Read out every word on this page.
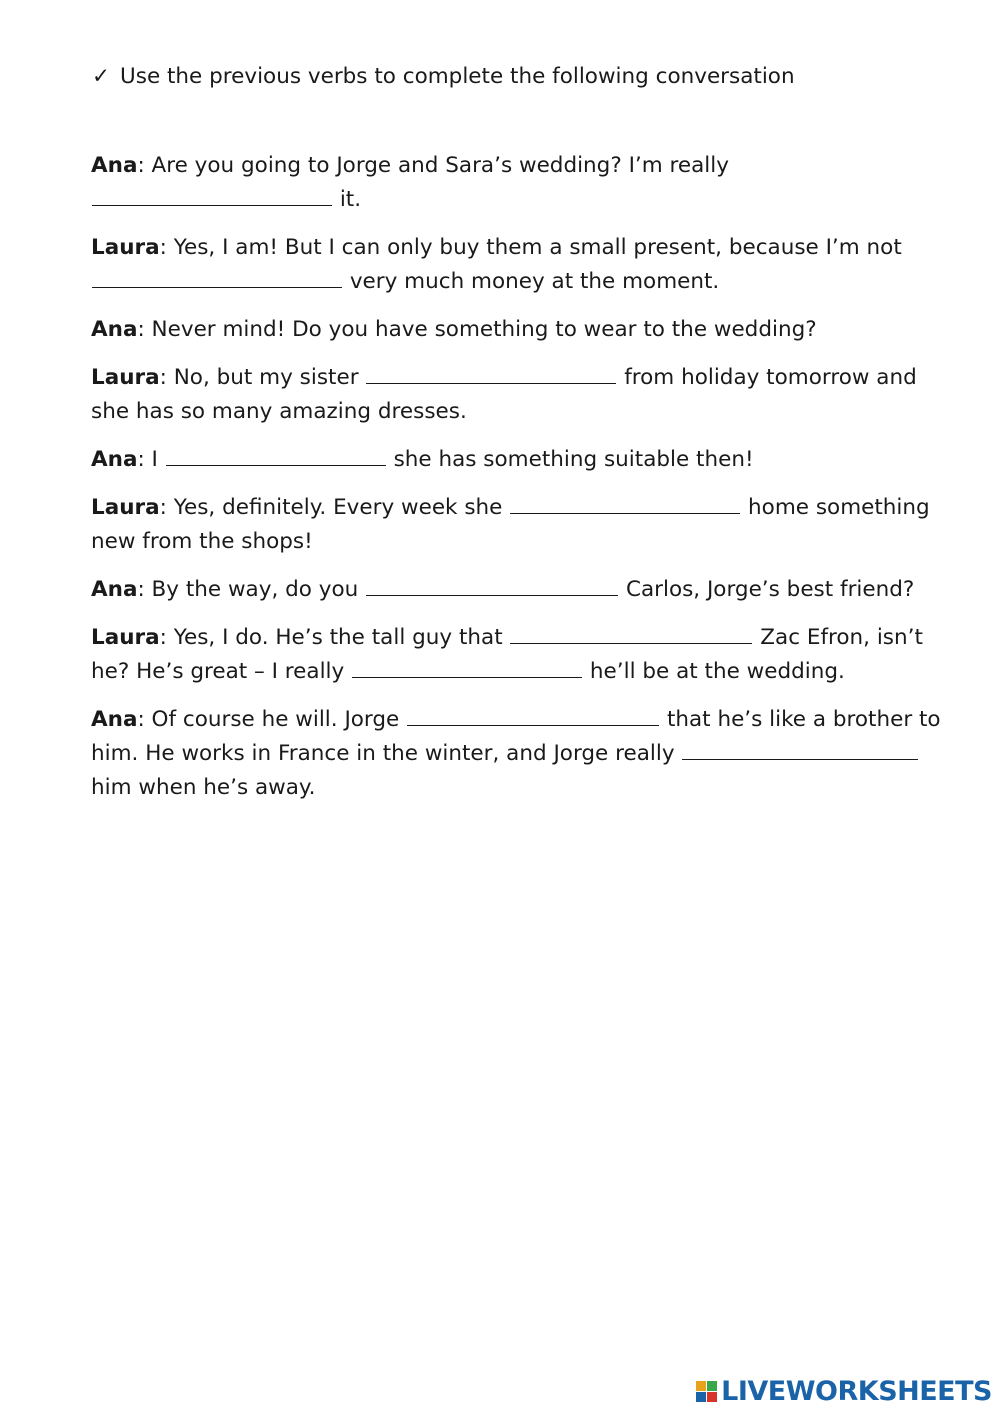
✓ Use the previous verbs to complete the following conversation

Ana: Are you going to Jorge and Sara’s wedding? I’m really  it.

Laura: Yes, I am! But I can only buy them a small present, because I’m not  very much money at the moment.

Ana: Never mind! Do you have something to wear to the wedding?

Laura: No, but my sister	from holiday tomorrow and she has so many amazing dresses.

Ana: I	she has something suitable then!

Laura: Yes, definitely. Every week she	home something new from the shops!

Ana: By the way, do you	Carlos, Jorge’s best friend?

Laura: Yes, I do. He’s the tall guy that	Zac Efron, isn’t he? He’s great – I really	he’ll be at the wedding.

Ana: Of course he will. Jorge	that he’s like a brother to him. He works in France in the winter, and Jorge really  him when he’s away.

LIVEWORKSHEETS
